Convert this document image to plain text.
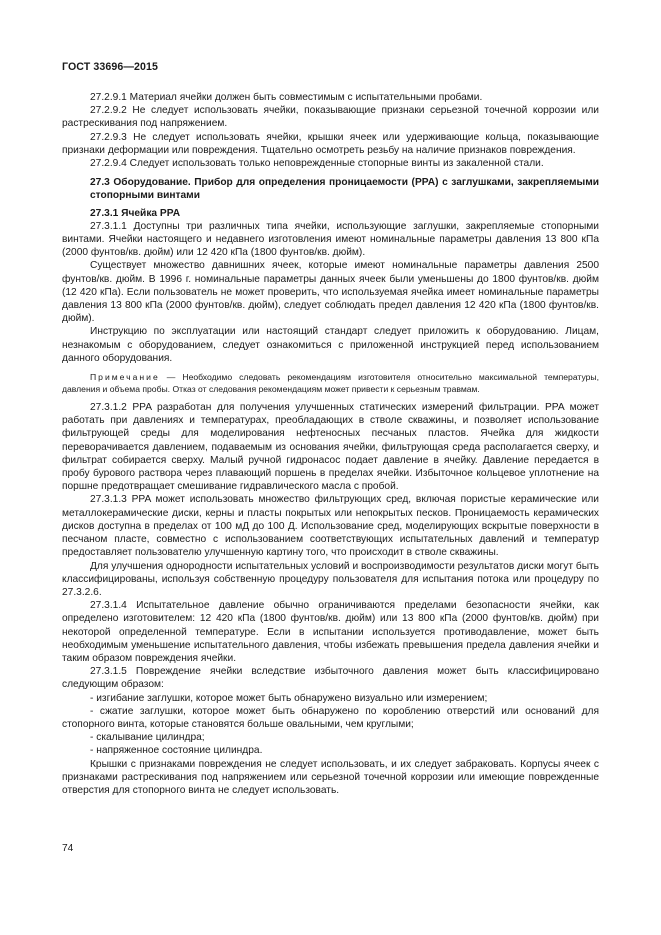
ГОСТ 33696—2015

27.2.9.1 Материал ячейки должен быть совместимым с испытательными пробами.

27.2.9.2 Не следует использовать ячейки, показывающие признаки серьезной точечной коррозии или растрескивания под напряжением.

27.2.9.3 Не следует использовать ячейки, крышки ячеек или удерживающие кольца, показывающие признаки деформации или повреждения. Тщательно осмотреть резьбу на наличие признаков повреждения.

27.2.9.4 Следует использовать только неповрежденные стопорные винты из закаленной стали.

27.3 Оборудование. Прибор для определения проницаемости (PPA) с заглушками, закрепляемыми стопорными винтами

27.3.1 Ячейка PPA

27.3.1.1 Доступны три различных типа ячейки, использующие заглушки, закрепляемые стопорными винтами. Ячейки настоящего и недавнего изготовления имеют номинальные параметры давления 13 800 кПа (2000 фунтов/кв. дюйм) или 12 420 кПа (1800 фунтов/кв. дюйм).

Существует множество давнишних ячеек, которые имеют номинальные параметры давления 2500 фунтов/кв. дюйм. В 1996 г. номинальные параметры данных ячеек были уменьшены до 1800 фунтов/кв. дюйм (12 420 кПа). Если пользователь не может проверить, что используемая ячейка имеет номинальные параметры давления 13 800 кПа (2000 фунтов/кв. дюйм), следует соблюдать предел давления 12 420 кПа (1800 фунтов/кв. дюйм).

Инструкцию по эксплуатации или настоящий стандарт следует приложить к оборудованию. Лицам, незнакомым с оборудованием, следует ознакомиться с приложенной инструкцией перед использованием данного оборудования.

Примечание — Необходимо следовать рекомендациям изготовителя относительно максимальной температуры, давления и объема пробы. Отказ от следования рекомендациям может привести к серьезным травмам.

27.3.1.2 PPA разработан для получения улучшенных статических измерений фильтрации. PPA может работать при давлениях и температурах, преобладающих в стволе скважины, и позволяет использование фильтрующей среды для моделирования нефтеносных песчаных пластов. Ячейка для жидкости переворачивается давлением, подаваемым из основания ячейки, фильтрующая среда располагается сверху, и фильтрат собирается сверху. Малый ручной гидронасос подает давление в ячейку. Давление передается в пробу бурового раствора через плавающий поршень в пределах ячейки. Избыточное кольцевое уплотнение на поршне предотвращает смешивание гидравлического масла с пробой.

27.3.1.3 PPA может использовать множество фильтрующих сред, включая пористые керамические или металлокерамические диски, керны и пласты покрытых или непокрытых песков. Проницаемость керамических дисков доступна в пределах от 100 мД до 100 Д. Использование сред, моделирующих вскрытые поверхности в песчаном пласте, совместно с использованием соответствующих испытательных давлений и температур предоставляет пользователю улучшенную картину того, что происходит в стволе скважины.

Для улучшения однородности испытательных условий и воспроизводимости результатов диски могут быть классифицированы, используя собственную процедуру пользователя для испытания потока или процедуру по 27.3.2.6.

27.3.1.4 Испытательное давление обычно ограничиваются пределами безопасности ячейки, как определено изготовителем: 12 420 кПа (1800 фунтов/кв. дюйм) или 13 800 кПа (2000 фунтов/кв. дюйм) при некоторой определенной температуре. Если в испытании используется противодавление, может быть необходимым уменьшение испытательного давления, чтобы избежать превышения предела давления ячейки и таким образом повреждения ячейки.

27.3.1.5 Повреждение ячейки вследствие избыточного давления может быть классифицировано следующим образом:

- изгибание заглушки, которое может быть обнаружено визуально или измерением;

- сжатие заглушки, которое может быть обнаружено по короблению отверстий или оснований для стопорного винта, которые становятся больше овальными, чем круглыми;

- скалывание цилиндра;

- напряженное состояние цилиндра.

Крышки с признаками повреждения не следует использовать, и их следует забраковать. Корпусы ячеек с признаками растрескивания под напряжением или серьезной точечной коррозии или имеющие поврежденные отверстия для стопорного винта не следует использовать.

74
